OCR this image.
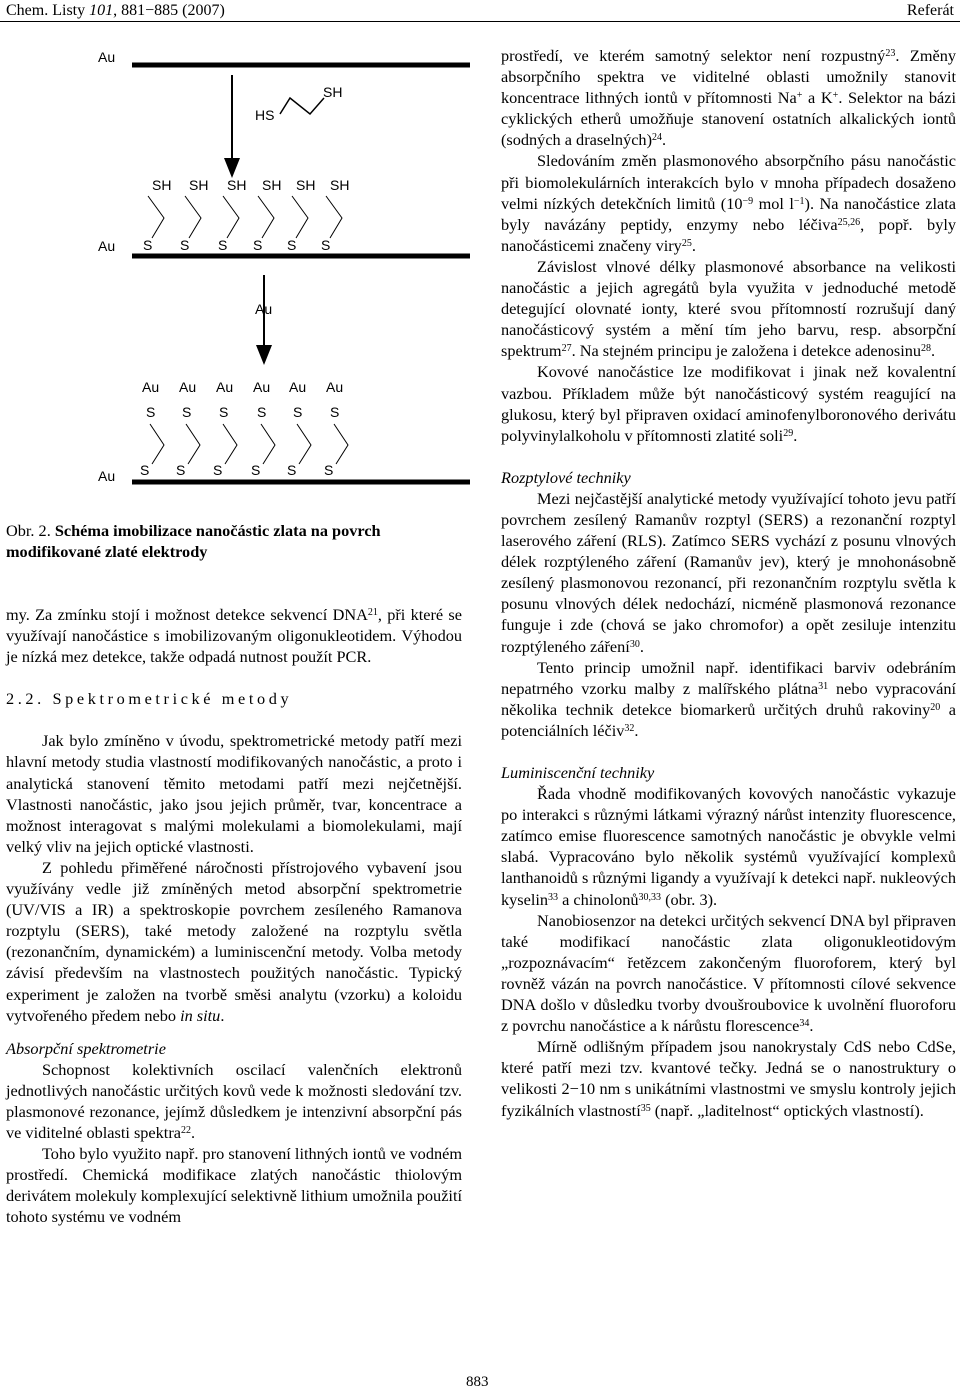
Chem. Listy 101, 881−885 (2007)	Referát
Au
HS
SH
Au
SH SH SH SH SH SH
S S S S S S
Au
Au Au Au Au Au Au
S S S S S S
S S S S S S
Au
Obr. 2. Schéma imobilizace nanočástic zlata na povrch modifikované zlaté elektrody

my. Za zmínku stojí i možnost detekce sekvencí DNA$^{21}$, při které se využívají nanočástice s imobilizovaným oligonukleotidem. Výhodou je nízká mez detekce, takže odpadá nutnost použít PCR.

2.2. Spektrometrické metody

Jak bylo zmíněno v úvodu, spektrometrické metody patří mezi hlavní metody studia vlastností modifikovaných nanočástic, a proto i analytická stanovení těmito metodami patří mezi nejčetnější. Vlastnosti nanočástic, jako jsou jejich průměr, tvar, koncentrace a možnost interagovat s malými molekulami a biomolekulami, mají velký vliv na jejich optické vlastnosti.

Z pohledu přiměřené náročnosti přístrojového vybavení jsou využívány vedle již zmíněných metod absorpční spektrometrie (UV/VIS a IR) a spektroskopie povrchem zesíleného Ramanova rozptylu (SERS), také metody založené na rozptylu světla (rezonančním, dynamickém) a luminiscenční metody. Volba metody závisí především na vlastnostech použitých nanočástic. Typický experiment je založen na tvorbě směsi analytu (vzorku) a koloidu vytvořeného předem nebo in situ.

Absorpční spektrometrie

Schopnost kolektivních oscilací valenčních elektronů jednotlivých nanočástic určitých kovů vede k možnosti sledování tzv. plasmonové rezonance, jejímž důsledkem je intenzivní absorpční pás ve viditelné oblasti spektra$^{22}$.

Toho bylo využito např. pro stanovení lithných iontů ve vodném prostředí. Chemická modifikace zlatých nanočástic thiolovým derivátem molekuly komplexující selektivně lithium umožnila použití tohoto systému ve vodném

prostředí, ve kterém samotný selektor není rozpustný$^{23}$. Změny absorpčního spektra ve viditelné oblasti umožnily stanovit koncentrace lithných iontů v přítomnosti Na+ a K+. Selektor na bázi cyklických etherů umožňuje stanovení ostatních alkalických iontů (sodných a draselných)$^{24}$.

Sledováním změn plasmonového absorpčního pásu nanočástic při biomolekulárních interakcích bylo v mnoha případech dosaženo velmi nízkých detekčních limitů ($10^{-9}$ mol $l^{-1}$). Na nanočástice zlata byly navázány peptidy, enzymy nebo léčiva$^{25,26}$, popř. byly nanočásticemi značeny viry$^{25}$.

Závislost vlnové délky plasmonové absorbance na velikosti nanočástic a jejich agregátů byla využita v jednoduché metodě detegující olovnaté ionty, které svou přítomností rozrušují daný nanočásticový systém a mění tím jeho barvu, resp. absorpční spektrum$^{27}$. Na stejném principu je založena i detekce adenosinu$^{28}$.

Kovové nanočástice lze modifikovat i jinak než kovalentní vazbou. Příkladem může být nanočásticový systém reagující na glukosu, který byl připraven oxidací aminofenylboronového derivátu polyvinylalkoholu v přítomnosti zlatité soli$^{29}$.

Rozptylové techniky

Mezi nejčastější analytické metody využívající tohoto jevu patří povrchem zesílený Ramanův rozptyl (SERS) a rezonanční rozptyl laserového záření (RLS). Zatímco SERS vychází z posunu vlnových délek rozptýleného záření (Ramanův jev), který je mnohonásobně zesílený plasmonovou rezonancí, při rezonančním rozptylu světla k posunu vlnových délek nedochází, nicméně plasmonová rezonance funguje i zde (chová se jako chromofor) a opět zesiluje intenzitu rozptýleného záření$^{30}$.

Tento princip umožnil např. identifikaci barviv odebráním nepatrného vzorku malby z malířského plátna$^{31}$ nebo vypracování několika technik detekce biomarkerů určitých druhů rakoviny$^{20}$ a potenciálních léčiv$^{32}$.

Luminiscenční techniky

Řada vhodně modifikovaných kovových nanočástic vykazuje po interakci s různými látkami výrazný nárůst intenzity fluorescence, zatímco emise fluorescence samotných nanočástic je obvykle velmi slabá. Vypracováno bylo několik systémů využívající komplexů lanthanoidů s různými ligandy a využívají k detekci např. nukleových kyselin$^{33}$ a chinolonů$^{30,33}$ (obr. 3).

Nanobiosenzor na detekci určitých sekvencí DNA byl připraven také modifikací nanočástic zlata oligonukleotidovým „rozpoznávacím“ řetězcem zakončeným fluoroforem, který byl rovněž vázán na povrch nanočástice. V přítomnosti cílové sekvence DNA došlo v důsledku tvorby dvoušroubovice k uvolnění fluoroforu z povrchu nanočástice a k nárůstu florescence$^{34}$.

Mírně odlišným případem jsou nanokrystaly CdS nebo CdSe, které patří mezi tzv. kvantové tečky. Jedná se o nanostruktury o velikosti 2−10 nm s unikátními vlastnostmi ve smyslu kontroly jejich fyzikálních vlastností$^{35}$ (např. „laditelnost“ optických vlastností).

883
